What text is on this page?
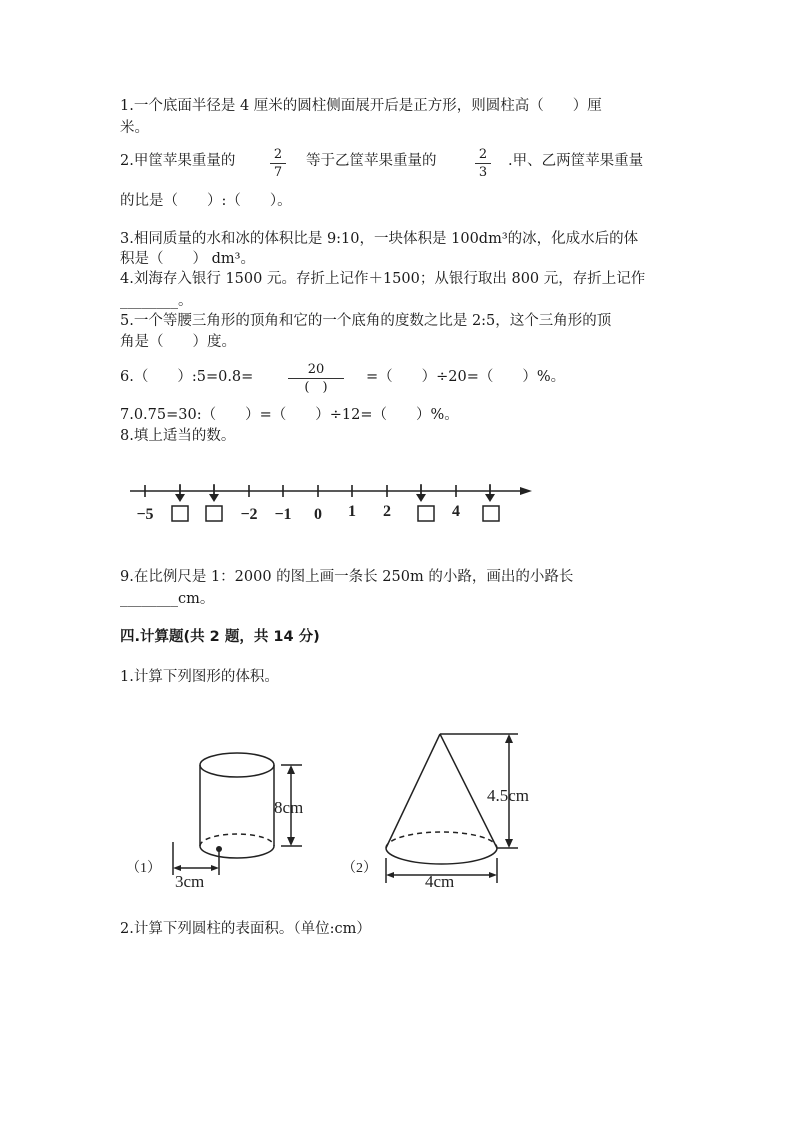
1.一个底面半径是 4 厘米的圆柱侧面展开后是正方形，则圆柱高（　　）厘
米。
2.甲筐苹果重量的	2
7
等于乙筐苹果重量的	2
3
.甲、乙两筐苹果重量
的比是（　　）:（　　）。
3.相同质量的水和冰的体积比是 9:10，一块体积是 100dm³的冰，化成水后的体
积是（　　） dm³。
4.刘海存入银行 1500 元。存折上记作＋1500；从银行取出 800 元，存折上记作
________。
5.一个等腰三角形的顶角和它的一个底角的度数之比是 2:5，这个三角形的顶
角是（　　）度。
6.（　　）:5=0.8=	20
(　)
=（　　）÷20=（　　）%。
7.0.75=30:（　　）=（　　）÷12=（　　）%。
8.填上适当的数。
−5	−2 −1 0 1 2	4
9.在比例尺是 1：2000 的图上画一条长 250m 的小路，画出的小路长
________cm。
四.计算题(共 2 题，共 14 分)
1.计算下列图形的体积。
（1）
8cm
3cm
（2）
4.5cm
4cm
2.计算下列圆柱的表面积。（单位:cm）
